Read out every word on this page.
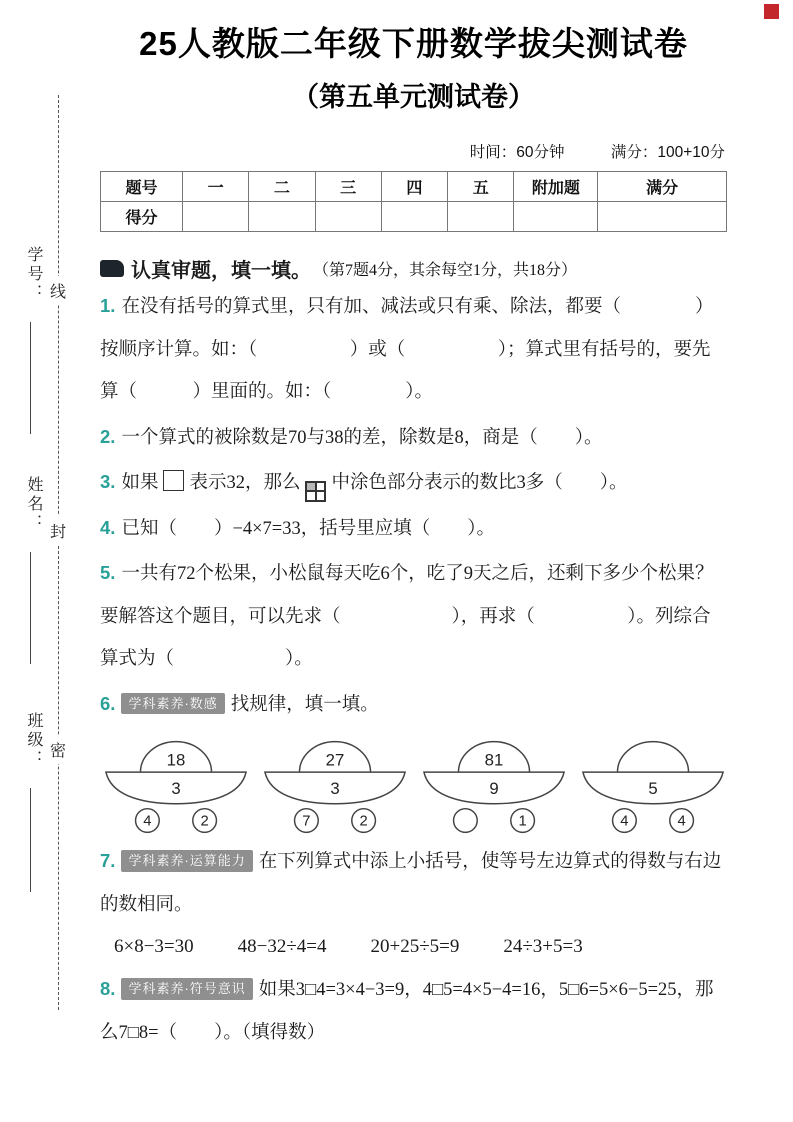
学号：
姓名：
班级：
线
封
密
25人教版二年级下册数学拔尖测试卷
（第五单元测试卷）
时间：60分钟	满分：100+10分
题号	一	二	三	四	五	附加题	满分
得分							
认真审题，填一填。 （第7题4分，其余每空1分，共18分）
1. 在没有括号的算式里，只有加、减法或只有乘、除法，都要（　　　　）按顺序计算。如：（　　　　　）或（　　　　　）；算式里有括号的，要先算（　　　）里面的。如：（　　　　）。
2. 一个算式的被除数是70与38的差，除数是8，商是（　　）。
3. 如果 表示32，那么 中涂色部分表示的数比3多（　　）。
4. 已知（　　）−4×7=33，括号里应填（　　）。
5. 一共有72个松果，小松鼠每天吃6个，吃了9天之后，还剩下多少个松果？要解答这个题目，可以先求（　　　　　　），再求（　　　　　）。列综合算式为（　　　　　　）。
6. 学科素养·数感 找规律，填一填。
18
3
4	2
27
3
7	2
81
9
1
5
4	4
7. 学科素养·运算能力 在下列算式中添上小括号，使等号左边算式的得数与右边的数相同。
6×8−3=30 48−32÷4=4 20+25÷5=9 24÷3+5=3
8. 学科素养·符号意识 如果3□4=3×4−3=9，4□5=4×5−4=16，5□6=5×6−5=25，那么7□8=（　　）。（填得数）
